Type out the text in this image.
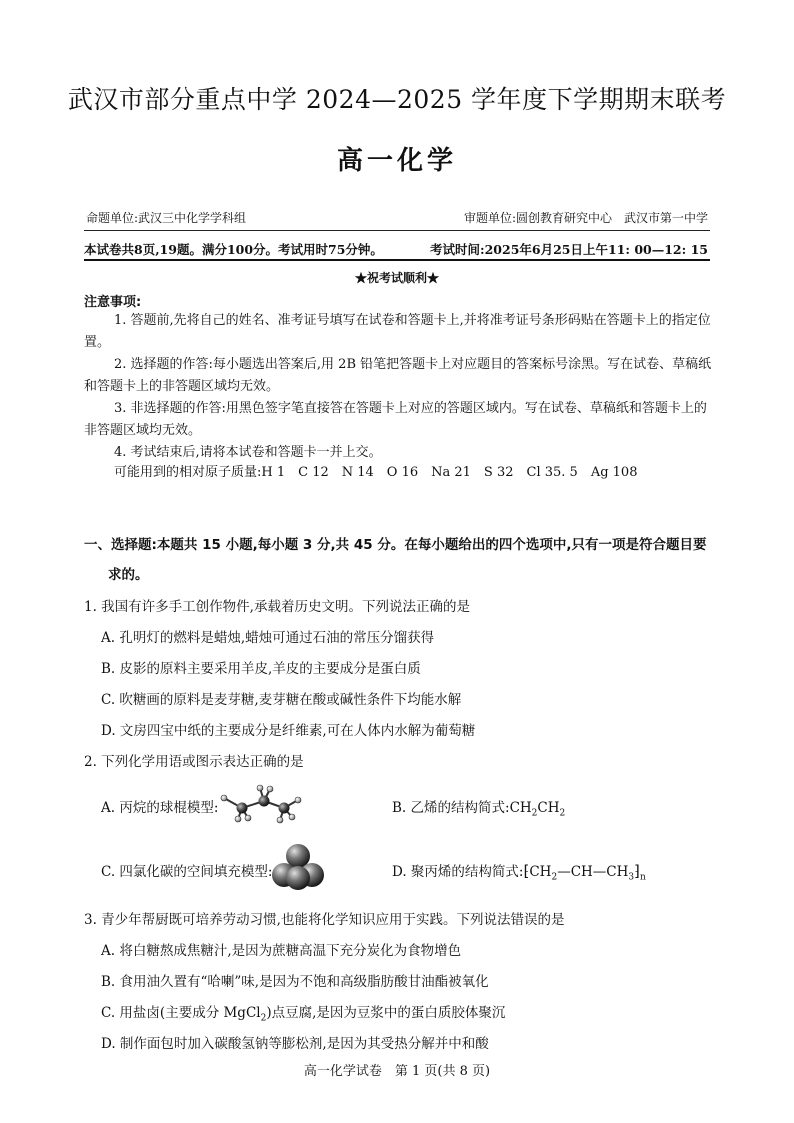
武汉市部分重点中学 2024—2025 学年度下学期期末联考
高一化学
命题单位:武汉三中化学学科组	审题单位:圆创教育研究中心　武汉市第一中学
本试卷共8页,19题。满分100分。考试用时75分钟。	考试时间:2025年6月25日上午11: 00—12: 15
★祝考试顺利★
注意事项:

1. 答题前,先将自己的姓名、准考证号填写在试卷和答题卡上,并将准考证号条形码贴在答题卡上的指定位置。

2. 选择题的作答:每小题选出答案后,用 2B 铅笔把答题卡上对应题目的答案标号涂黑。写在试卷、草稿纸和答题卡上的非答题区域均无效。

3. 非选择题的作答:用黑色签字笔直接答在答题卡上对应的答题区域内。写在试卷、草稿纸和答题卡上的非答题区域均无效。

4. 考试结束后,请将本试卷和答题卡一并上交。

可能用到的相对原子质量:H 1　C 12　N 14　O 16　Na 21　S 32　Cl 35. 5　Ag 108

一、选择题:本题共 15 小题,每小题 3 分,共 45 分。在每小题给出的四个选项中,只有一项是符合题目要
求的。

1. 我国有许多手工创作物件,承载着历史文明。下列说法正确的是
A. 孔明灯的燃料是蜡烛,蜡烛可通过石油的常压分馏获得
B. 皮影的原料主要采用羊皮,羊皮的主要成分是蛋白质
C. 吹糖画的原料是麦芽糖,麦芽糖在酸或碱性条件下均能水解
D. 文房四宝中纸的主要成分是纤维素,可在人体内水解为葡萄糖
2. 下列化学用语或图示表达正确的是
A. 丙烷的球棍模型:	B. 乙烯的结构简式$:CH_2CH_2$
C. 四氯化碳的空间填充模型:	D. 聚丙烯的结构简式$:⁅CH_2—CH—CH_3⁆_n$
3. 青少年帮厨既可培养劳动习惯,也能将化学知识应用于实践。下列说法错误的是
A. 将白糖熬成焦糖汁,是因为蔗糖高温下充分炭化为食物增色
B. 食用油久置有“哈喇”味,是因为不饱和高级脂肪酸甘油酯被氧化
C. 用盐卤(主要成分 MgCl$_2$)点豆腐,是因为豆浆中的蛋白质胶体聚沉
D. 制作面包时加入碳酸氢钠等膨松剂,是因为其受热分解并中和酸
高一化学试卷　第 1 页(共 8 页)
